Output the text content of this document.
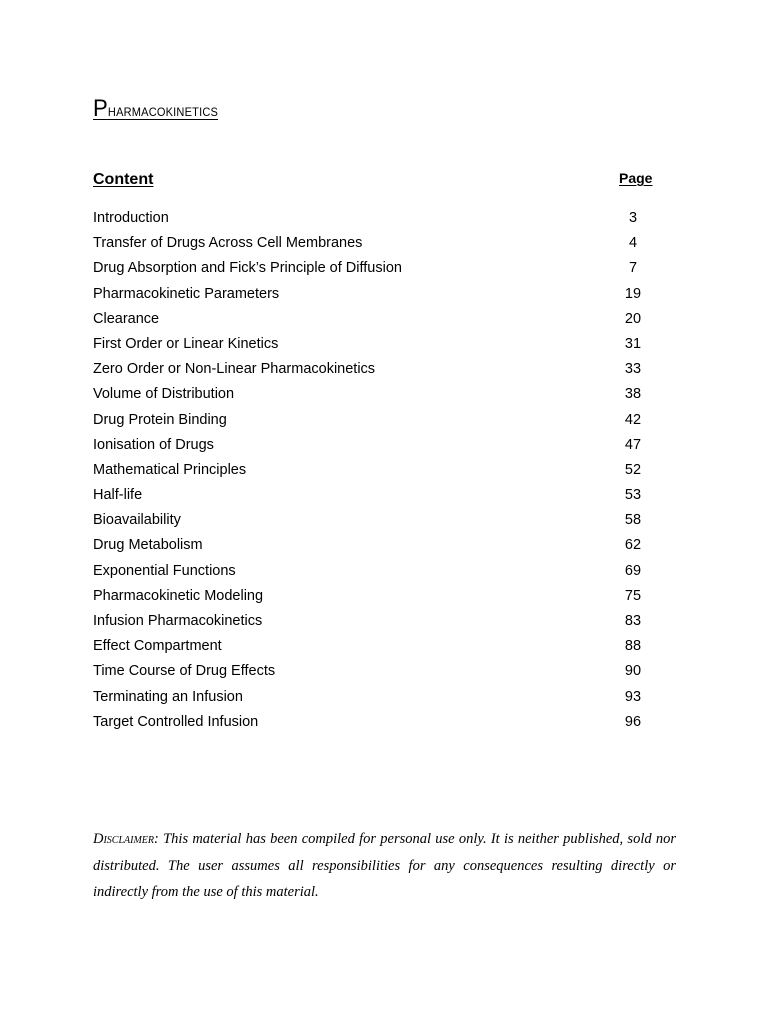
Pharmacokinetics
Content	Page
Introduction	3
Transfer of Drugs Across Cell Membranes	4
Drug Absorption and Fick’s Principle of Diffusion	7
Pharmacokinetic Parameters	19
Clearance	20
First Order or Linear Kinetics	31
Zero Order or Non-Linear Pharmacokinetics	33
Volume of Distribution	38
Drug Protein Binding	42
Ionisation of Drugs	47
Mathematical Principles	52
Half-life	53
Bioavailability	58
Drug Metabolism	62
Exponential Functions	69
Pharmacokinetic Modeling	75
Infusion Pharmacokinetics	83
Effect Compartment	88
Time Course of Drug Effects	90
Terminating an Infusion	93
Target Controlled Infusion	96

Disclaimer: This material has been compiled for personal use only. It is neither published, sold nor distributed. The user assumes all responsibilities for any consequences resulting directly or indirectly from the use of this material.
